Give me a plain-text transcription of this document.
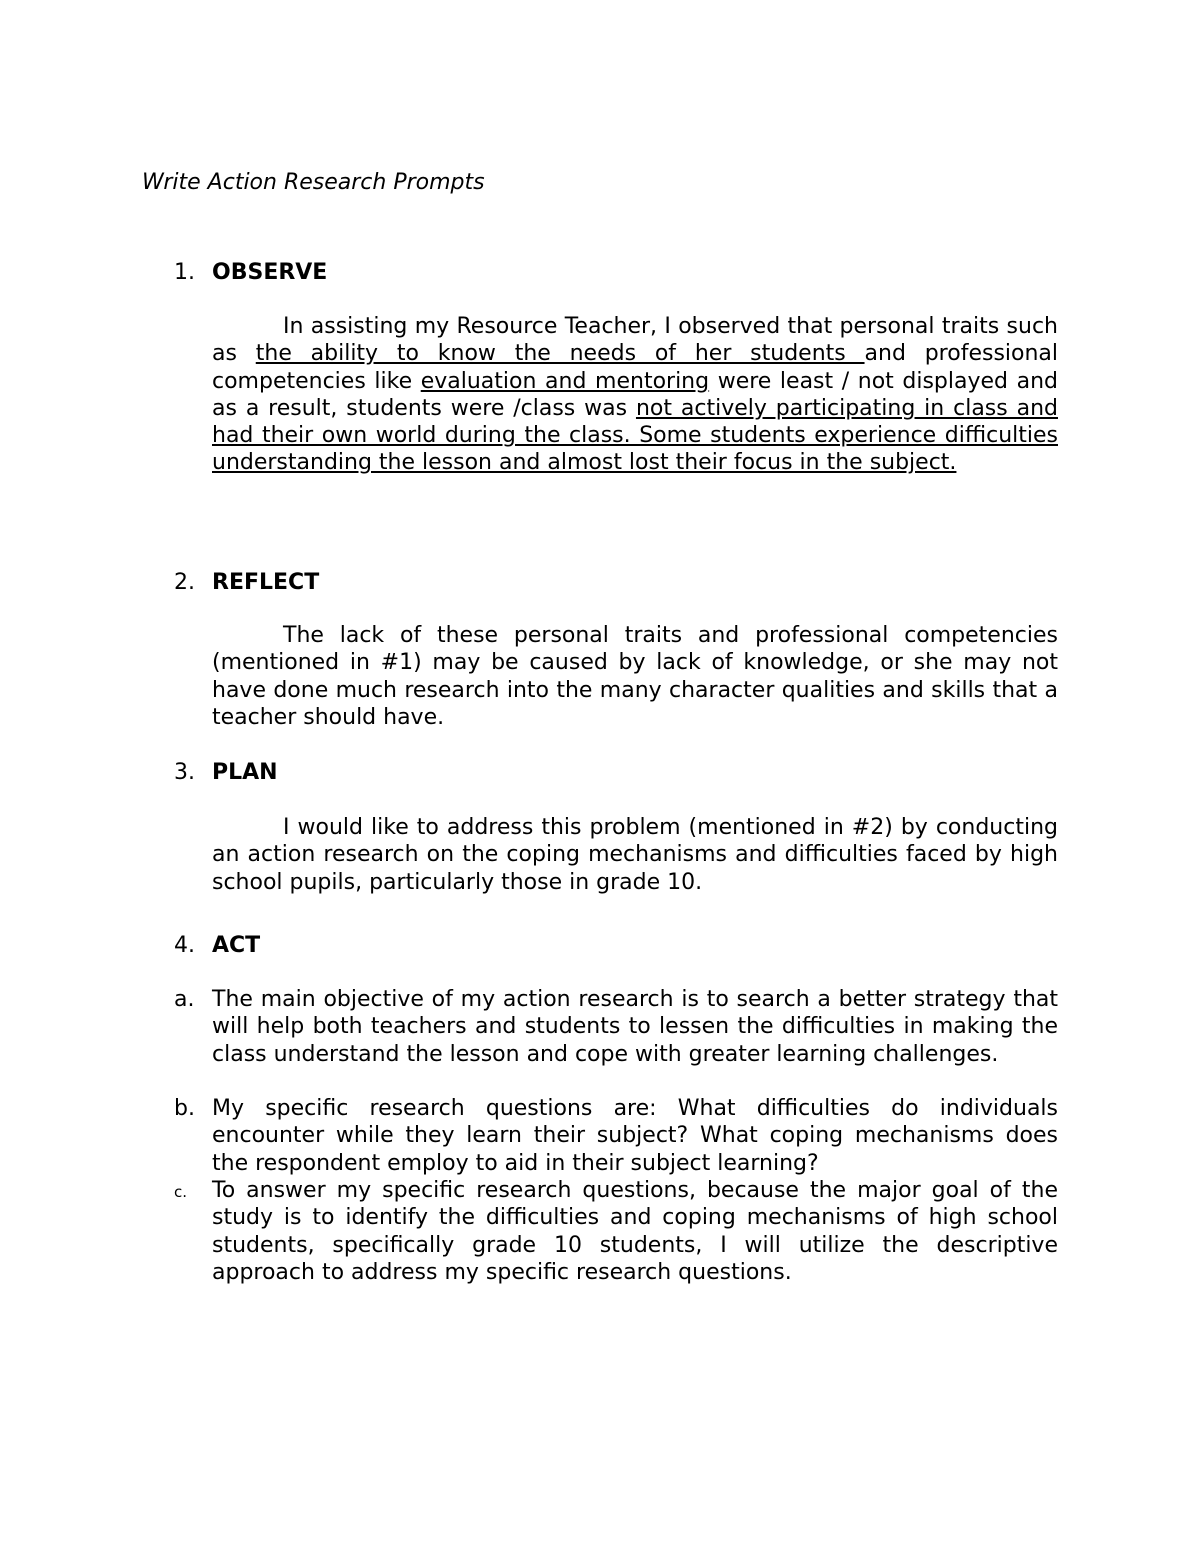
Write Action Research Prompts
1. OBSERVE

In assisting my Resource Teacher, I observed that personal traits such as the ability to know the needs of her students and professional competencies like evaluation and mentoring were least / not displayed and as a result, students were /class was not actively participating in class and had their own world during the class. Some students experience difficulties understanding the lesson and almost lost their focus in the subject.

2. REFLECT

The lack of these personal traits and professional competencies (mentioned in #1) may be caused by lack of knowledge, or she may not have done much research into the many character qualities and skills that a teacher should have.

3. PLAN

I would like to address this problem (mentioned in #2) by conducting an action research on the coping mechanisms and difficulties faced by high school pupils, particularly those in grade 10.

4. ACT
a. The main objective of my action research is to search a better strategy that will help both teachers and students to lessen the difficulties in making the class understand the lesson and cope with greater learning challenges.
b. My specific research questions are: What difficulties do individuals encounter while they learn their subject? What coping mechanisms does the respondent employ to aid in their subject learning?
c.	To answer my specific research questions, because the major goal of the study is to identify the difficulties and coping mechanisms of high school students, specifically grade 10 students, I will utilize the descriptive approach to address my specific research questions.
